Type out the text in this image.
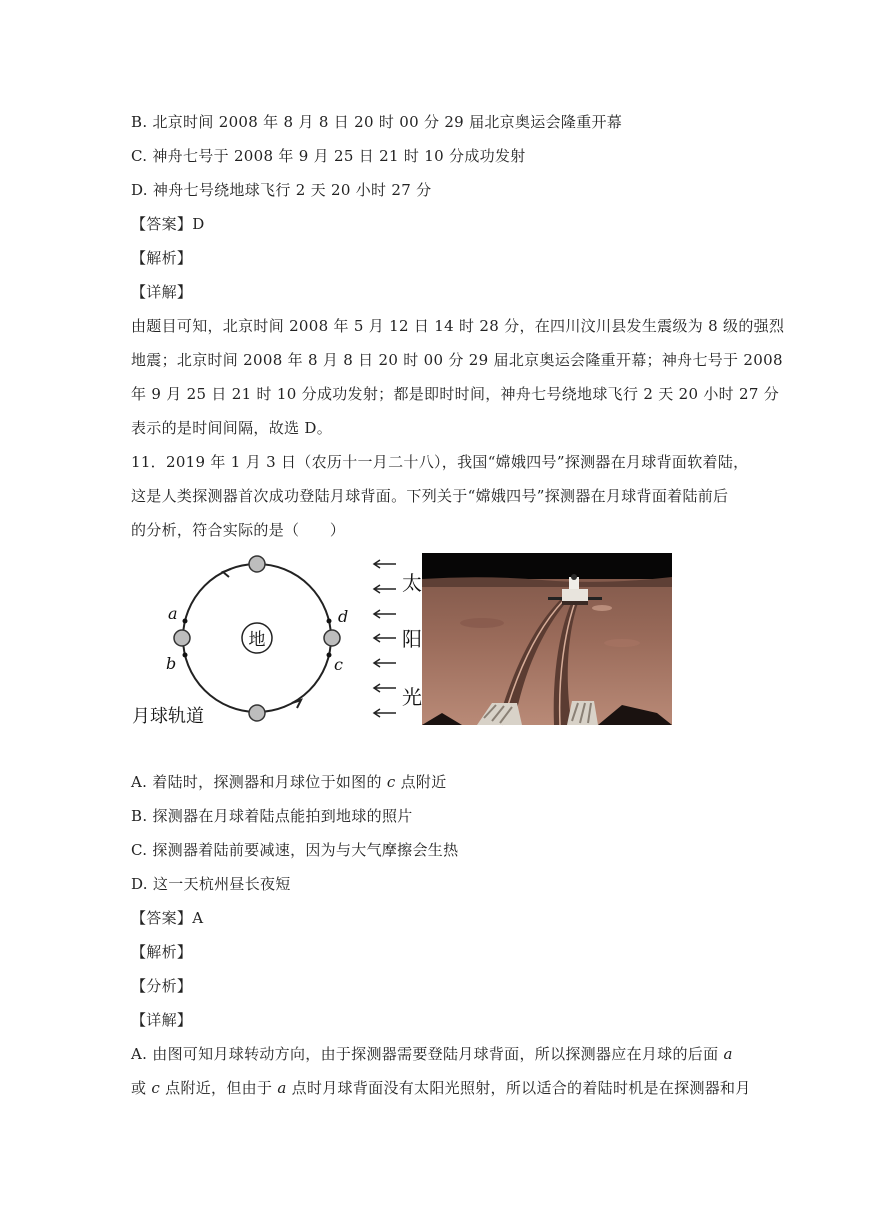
B. 北京时间 2008 年 8 月 8 日 20 时 00 分 29 届北京奥运会隆重开幕
C. 神舟七号于 2008 年 9 月 25 日 21 时 10 分成功发射
D. 神舟七号绕地球飞行 2 天 20 小时 27 分
【答案】D
【解析】
【详解】
由题目可知，北京时间 2008 年 5 月 12 日 14 时 28 分，在四川汶川县发生震级为 8 级的强烈
地震；北京时间 2008 年 8 月 8 日 20 时 00 分 29 届北京奥运会隆重开幕；神舟七号于 2008
年 9 月 25 日 21 时 10 分成功发射；都是即时时间，神舟七号绕地球飞行 2 天 20 小时 27 分
表示的是时间间隔，故选 D。
11．2019 年 1 月 3 日（农历十一月二十八），我国“嫦娥四号”探测器在月球背面软着陆，
这是人类探测器首次成功登陆月球背面。下列关于“嫦娥四号”探测器在月球背面着陆前后
的分析，符合实际的是（　　）
a
b
d
c
地
月球轨道
太
阳
光
A. 着陆时，探测器和月球位于如图的 c 点附近
B. 探测器在月球着陆点能拍到地球的照片
C. 探测器着陆前要减速，因为与大气摩擦会生热
D. 这一天杭州昼长夜短
【答案】A
【解析】
【分析】
【详解】
A. 由图可知月球转动方向，由于探测器需要登陆月球背面，所以探测器应在月球的后面 a
或 c 点附近，但由于 a 点时月球背面没有太阳光照射，所以适合的着陆时机是在探测器和月
